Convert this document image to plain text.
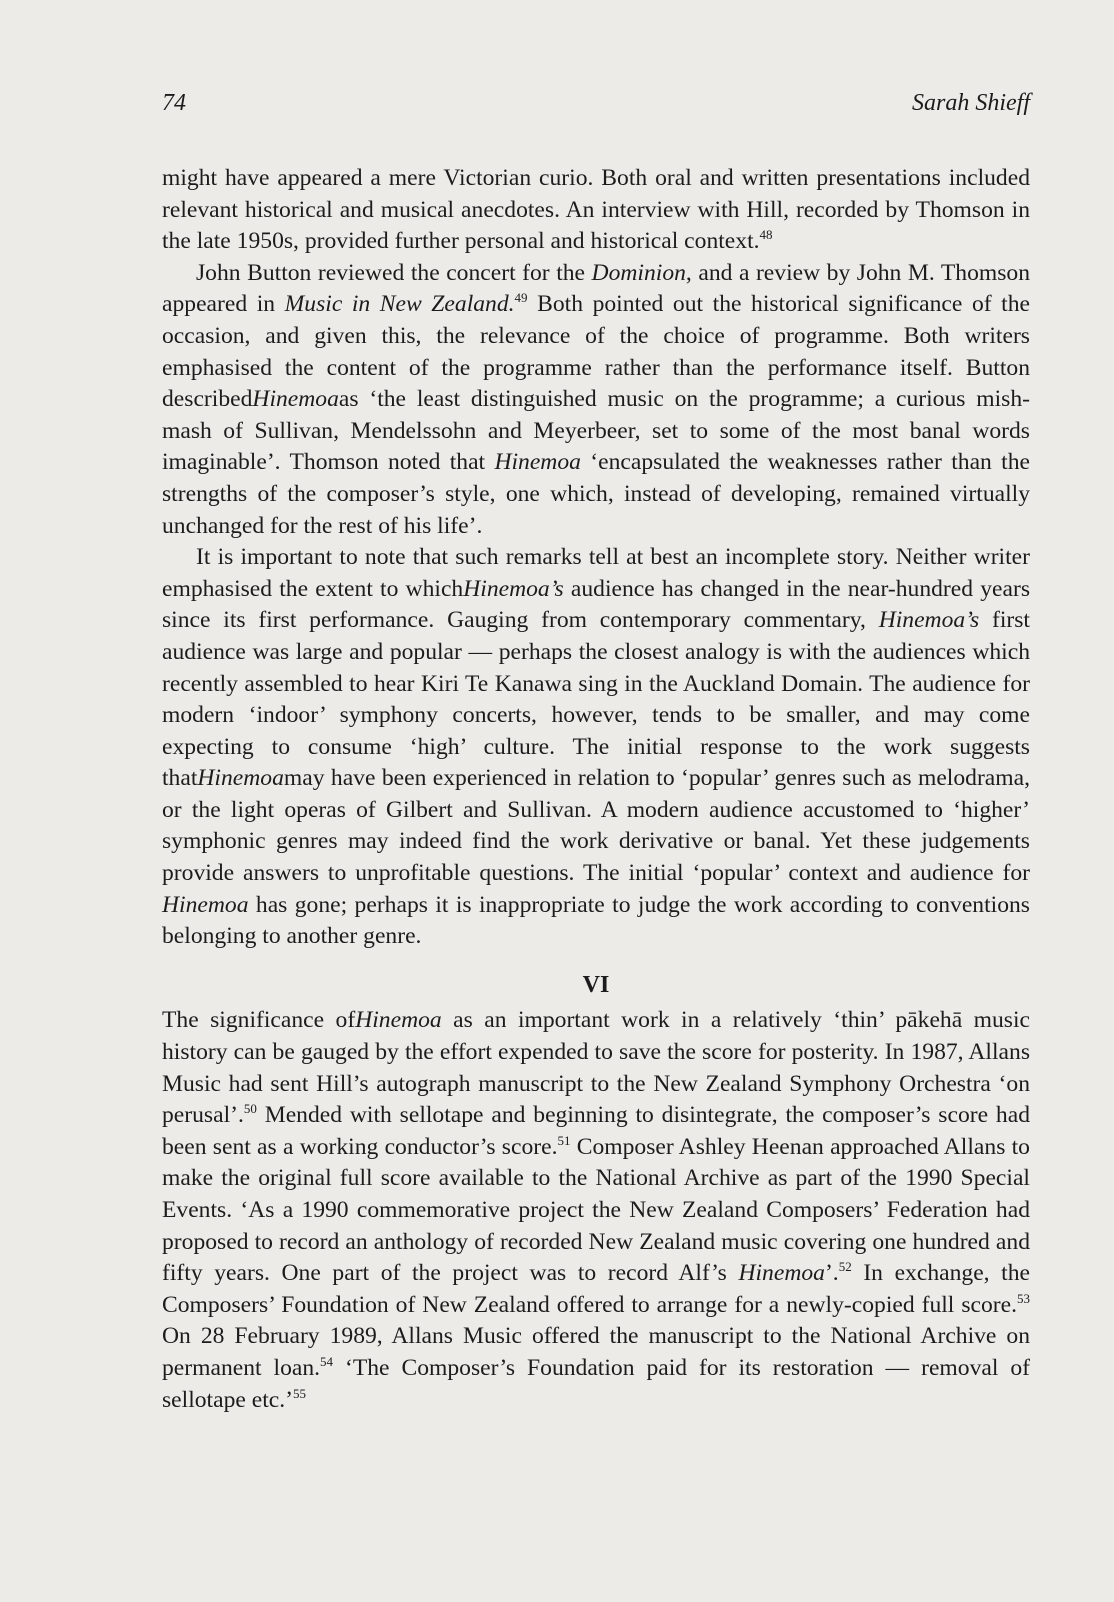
74	Sarah Shieff

might have appeared a mere Victorian curio. Both oral and written presentations included relevant historical and musical anecdotes. An interview with Hill, recorded by Thomson in the late 1950s, provided further personal and historical context.$^{48}$

John Button reviewed the concert for the Dominion, and a review by John M. Thomson appeared in Music in New Zealand.$^{49}$ Both pointed out the historical significance of the occasion, and given this, the relevance of the choice of programme. Both writers emphasised the content of the programme rather than the performance itself. Button describedHinemoaas ‘the least distinguished music on the programme; a curious mish-mash of Sullivan, Mendelssohn and Meyerbeer, set to some of the most banal words imaginable’. Thomson noted that Hinemoa ‘encapsulated the weaknesses rather than the strengths of the composer’s style, one which, instead of developing, remained virtually unchanged for the rest of his life’.

It is important to note that such remarks tell at best an incomplete story. Neither writer emphasised the extent to whichHinemoa’s audience has changed in the near-hundred years since its first performance. Gauging from contemporary commentary, Hinemoa’s first audience was large and popular — perhaps the closest analogy is with the audiences which recently assembled to hear Kiri Te Kanawa sing in the Auckland Domain. The audience for modern ‘indoor’ symphony concerts, however, tends to be smaller, and may come expecting to consume ‘high’ culture. The initial response to the work suggests thatHinemoamay have been experienced in relation to ‘popular’ genres such as melodrama, or the light operas of Gilbert and Sullivan. A modern audience accustomed to ‘higher’ symphonic genres may indeed find the work derivative or banal. Yet these judgements provide answers to unprofitable questions. The initial ‘popular’ context and audience for Hinemoa has gone; perhaps it is inappropriate to judge the work according to conventions belonging to another genre.

VI

The significance ofHinemoa as an important work in a relatively ‘thin’ pākehā music history can be gauged by the effort expended to save the score for posterity. In 1987, Allans Music had sent Hill’s autograph manuscript to the New Zealand Symphony Orchestra ‘on perusal’.$^{50}$ Mended with sellotape and beginning to disintegrate, the composer’s score had been sent as a working conductor’s score.$^{51}$ Composer Ashley Heenan approached Allans to make the original full score available to the National Archive as part of the 1990 Special Events. ‘As a 1990 commemorative project the New Zealand Composers’ Federation had proposed to record an anthology of recorded New Zealand music covering one hundred and fifty years. One part of the project was to record Alf’s Hinemoa’.$^{52}$ In exchange, the Composers’ Foundation of New Zealand offered to arrange for a newly-copied full score.$^{53}$ On 28 February 1989, Allans Music offered the manuscript to the National Archive on permanent loan.$^{54}$ ‘The Composer’s Foundation paid for its restoration — removal of sellotape etc.’$^{55}$
